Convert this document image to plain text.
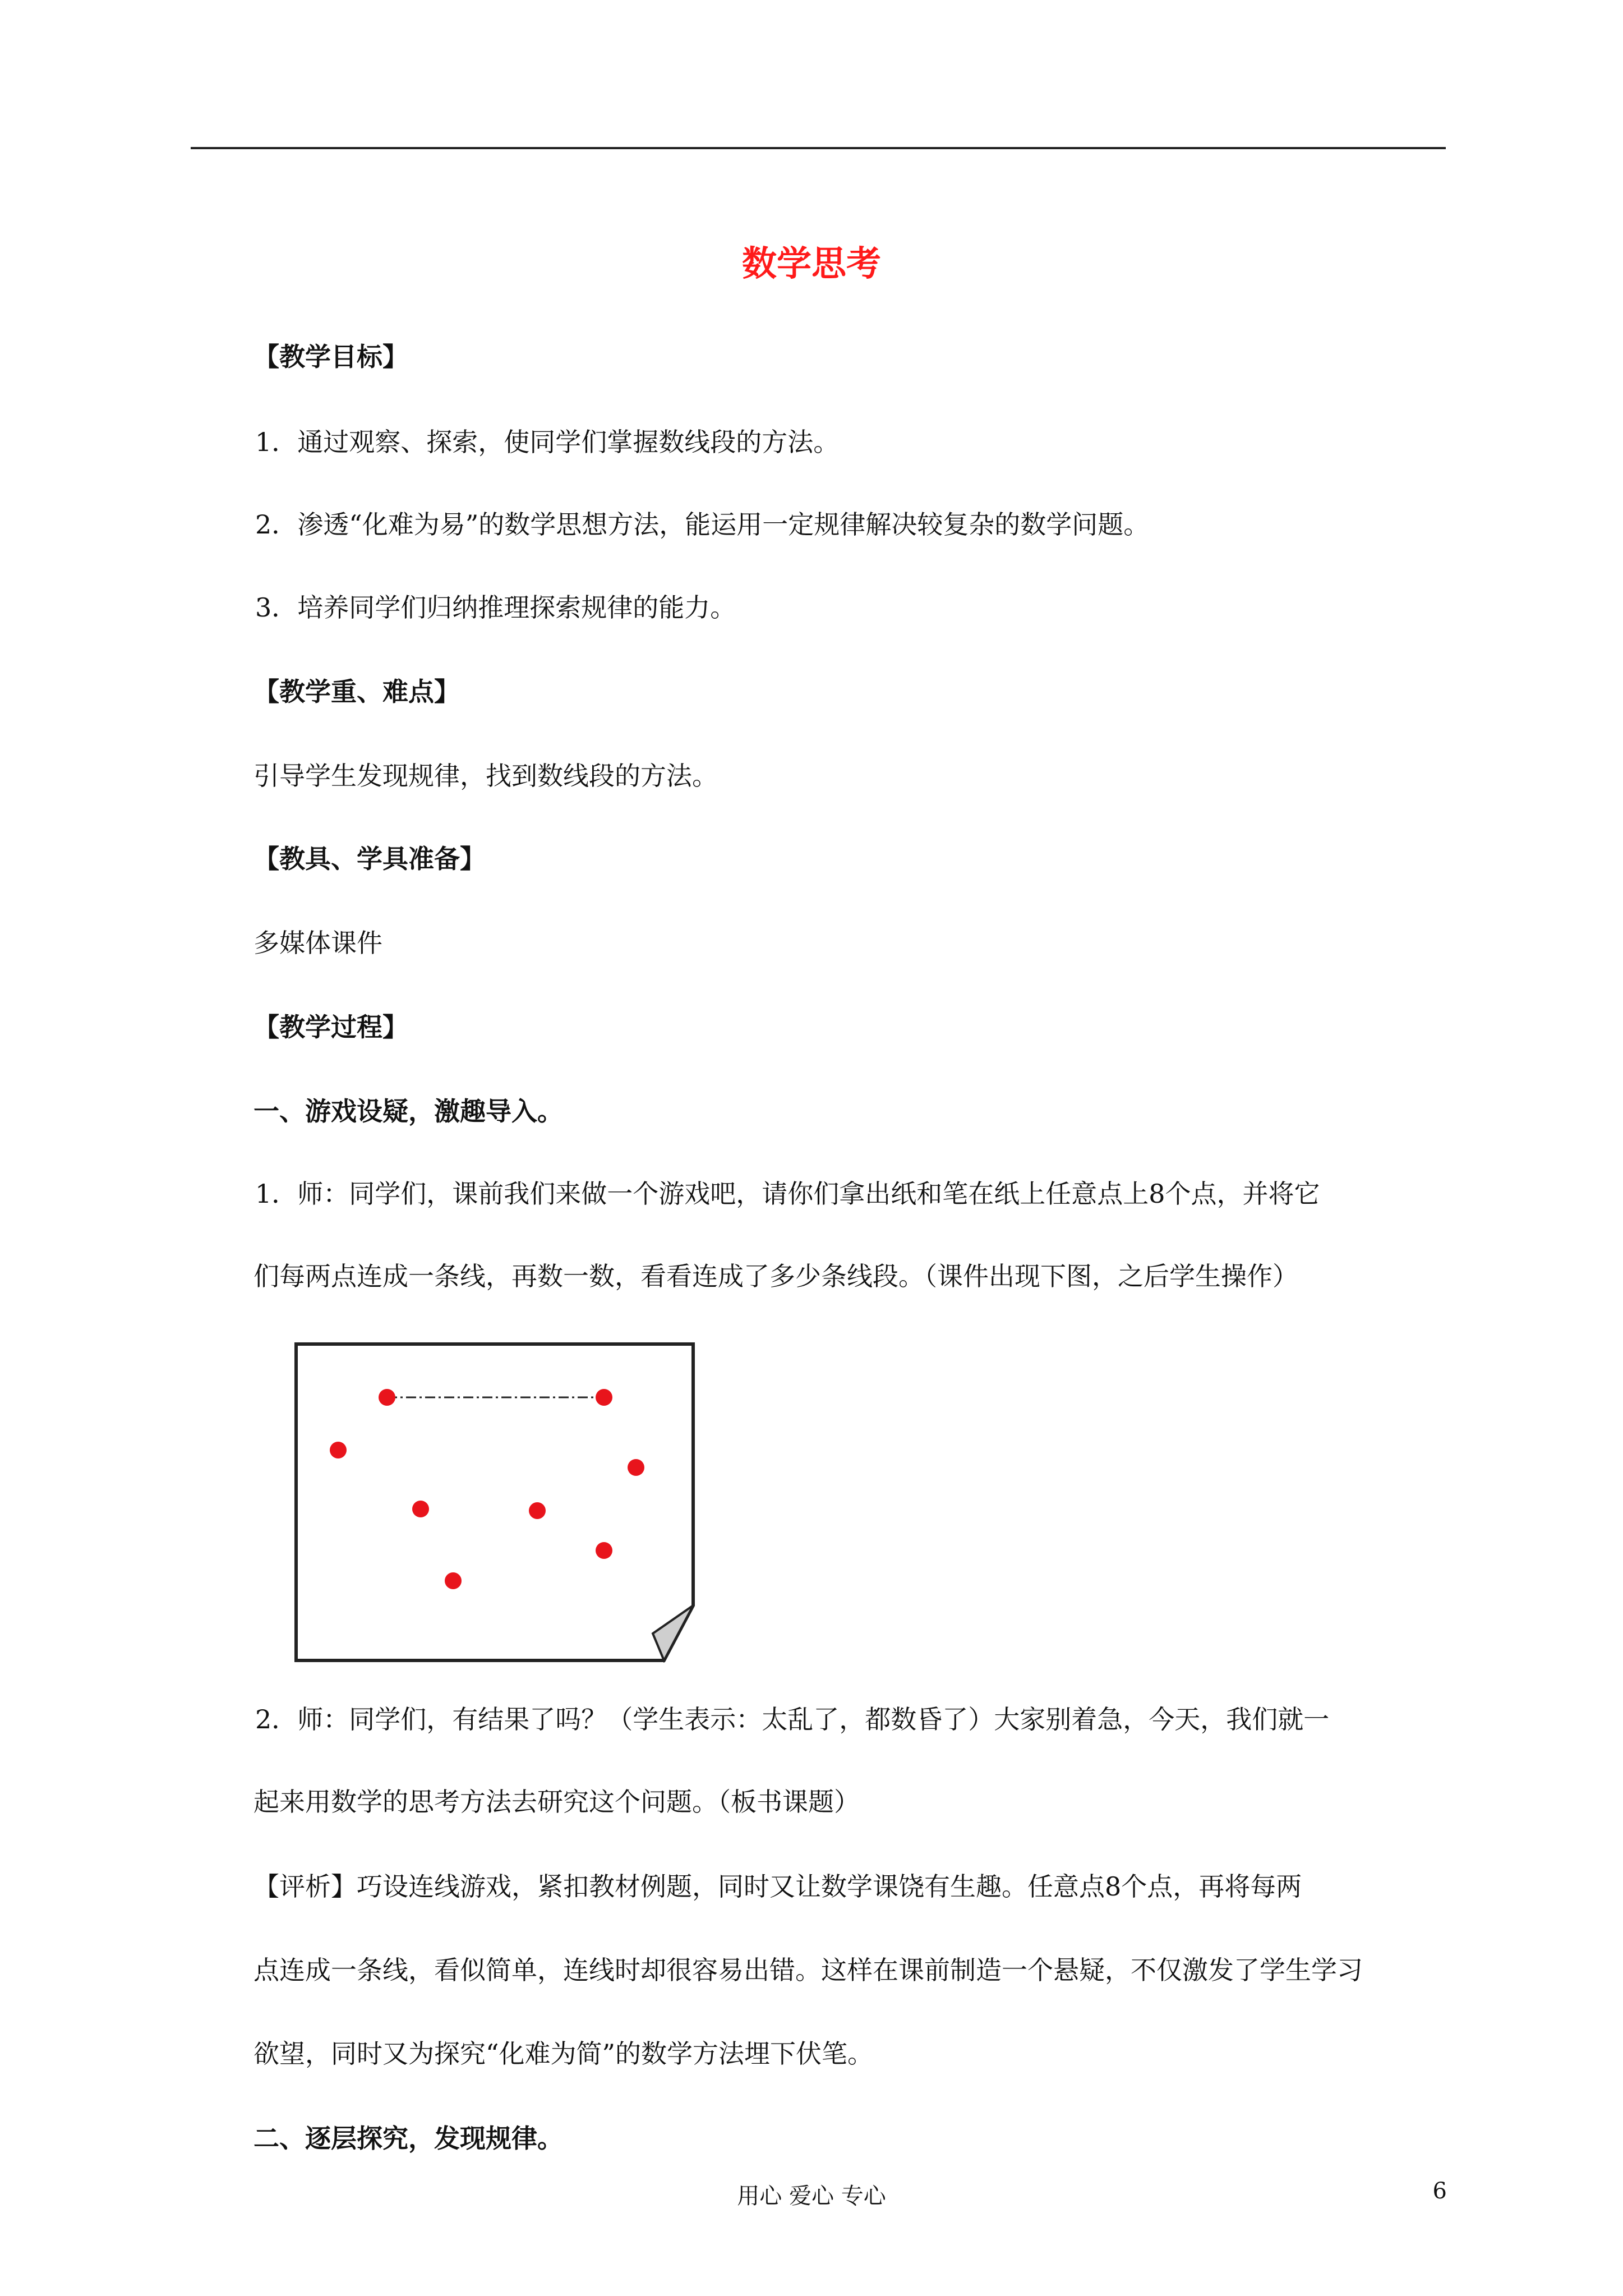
数学思考
【教学目标】
1．通过观察、探索，使同学们掌握数线段的方法。
2．渗透“化难为易”的数学思想方法，能运用一定规律解决较复杂的数学问题。
3．培养同学们归纳推理探索规律的能力。
【教学重、难点】
引导学生发现规律，找到数线段的方法。
【教具、学具准备】
多媒体课件
【教学过程】
一、游戏设疑，激趣导入。
1．师：同学们，课前我们来做一个游戏吧，请你们拿出纸和笔在纸上任意点上8个点，并将它
们每两点连成一条线，再数一数，看看连成了多少条线段。（课件出现下图，之后学生操作）
2．师：同学们，有结果了吗？（学生表示：太乱了，都数昏了）大家别着急，今天，我们就一
起来用数学的思考方法去研究这个问题。（板书课题）
【评析】巧设连线游戏，紧扣教材例题，同时又让数学课饶有生趣。任意点8个点，再将每两
点连成一条线，看似简单，连线时却很容易出错。这样在课前制造一个悬疑，不仅激发了学生学习
欲望，同时又为探究“化难为简”的数学方法埋下伏笔。
二、逐层探究，发现规律。
用心 爱心 专心	6
